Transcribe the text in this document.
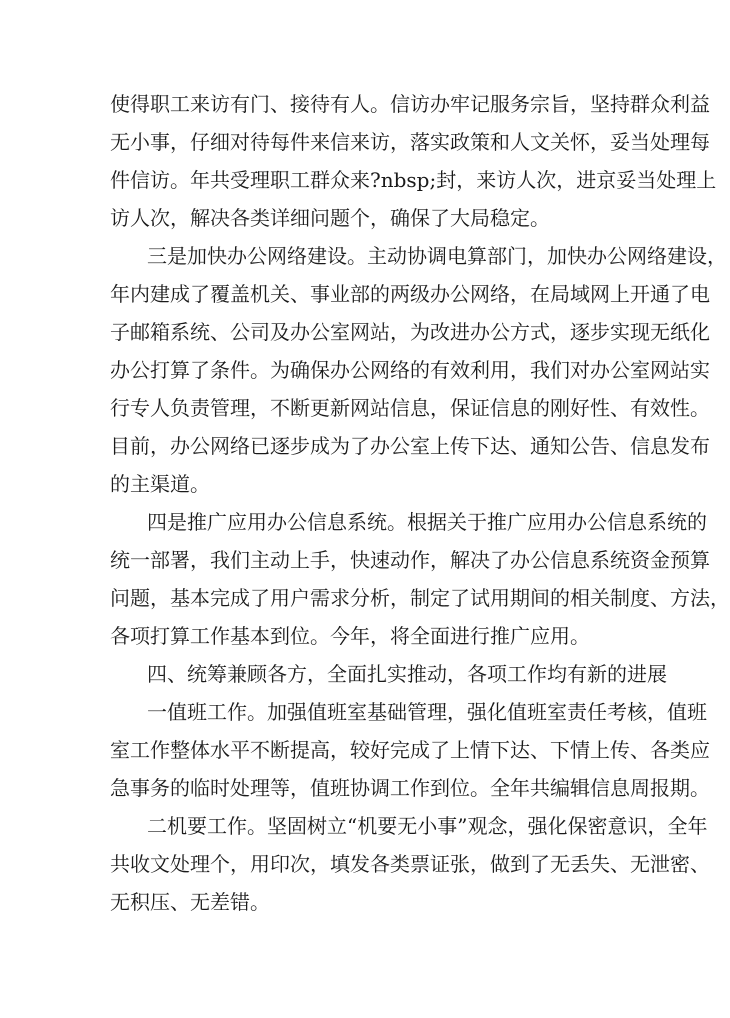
使得职工来访有门、接待有人。信访办牢记服务宗旨，坚持群众利益
无小事，仔细对待每件来信来访，落实政策和人文关怀，妥当处理每
件信访。年共受理职工群众来?nbsp;封，来访人次，进京妥当处理上
访人次，解决各类详细问题个，确保了大局稳定。
三是加快办公网络建设。主动协调电算部门，加快办公网络建设，
年内建成了覆盖机关、事业部的两级办公网络，在局域网上开通了电
子邮箱系统、公司及办公室网站，为改进办公方式，逐步实现无纸化
办公打算了条件。为确保办公网络的有效利用，我们对办公室网站实
行专人负责管理，不断更新网站信息，保证信息的刚好性、有效性。
目前，办公网络已逐步成为了办公室上传下达、通知公告、信息发布
的主渠道。
四是推广应用办公信息系统。根据关于推广应用办公信息系统的
统一部署，我们主动上手，快速动作，解决了办公信息系统资金预算
问题，基本完成了用户需求分析，制定了试用期间的相关制度、方法，
各项打算工作基本到位。今年，将全面进行推广应用。
四、统筹兼顾各方，全面扎实推动，各项工作均有新的进展
一值班工作。加强值班室基础管理，强化值班室责任考核，值班
室工作整体水平不断提高，较好完成了上情下达、下情上传、各类应
急事务的临时处理等，值班协调工作到位。全年共编辑信息周报期。
二机要工作。坚固树立“机要无小事”观念，强化保密意识，全年
共收文处理个，用印次，填发各类票证张，做到了无丢失、无泄密、
无积压、无差错。
